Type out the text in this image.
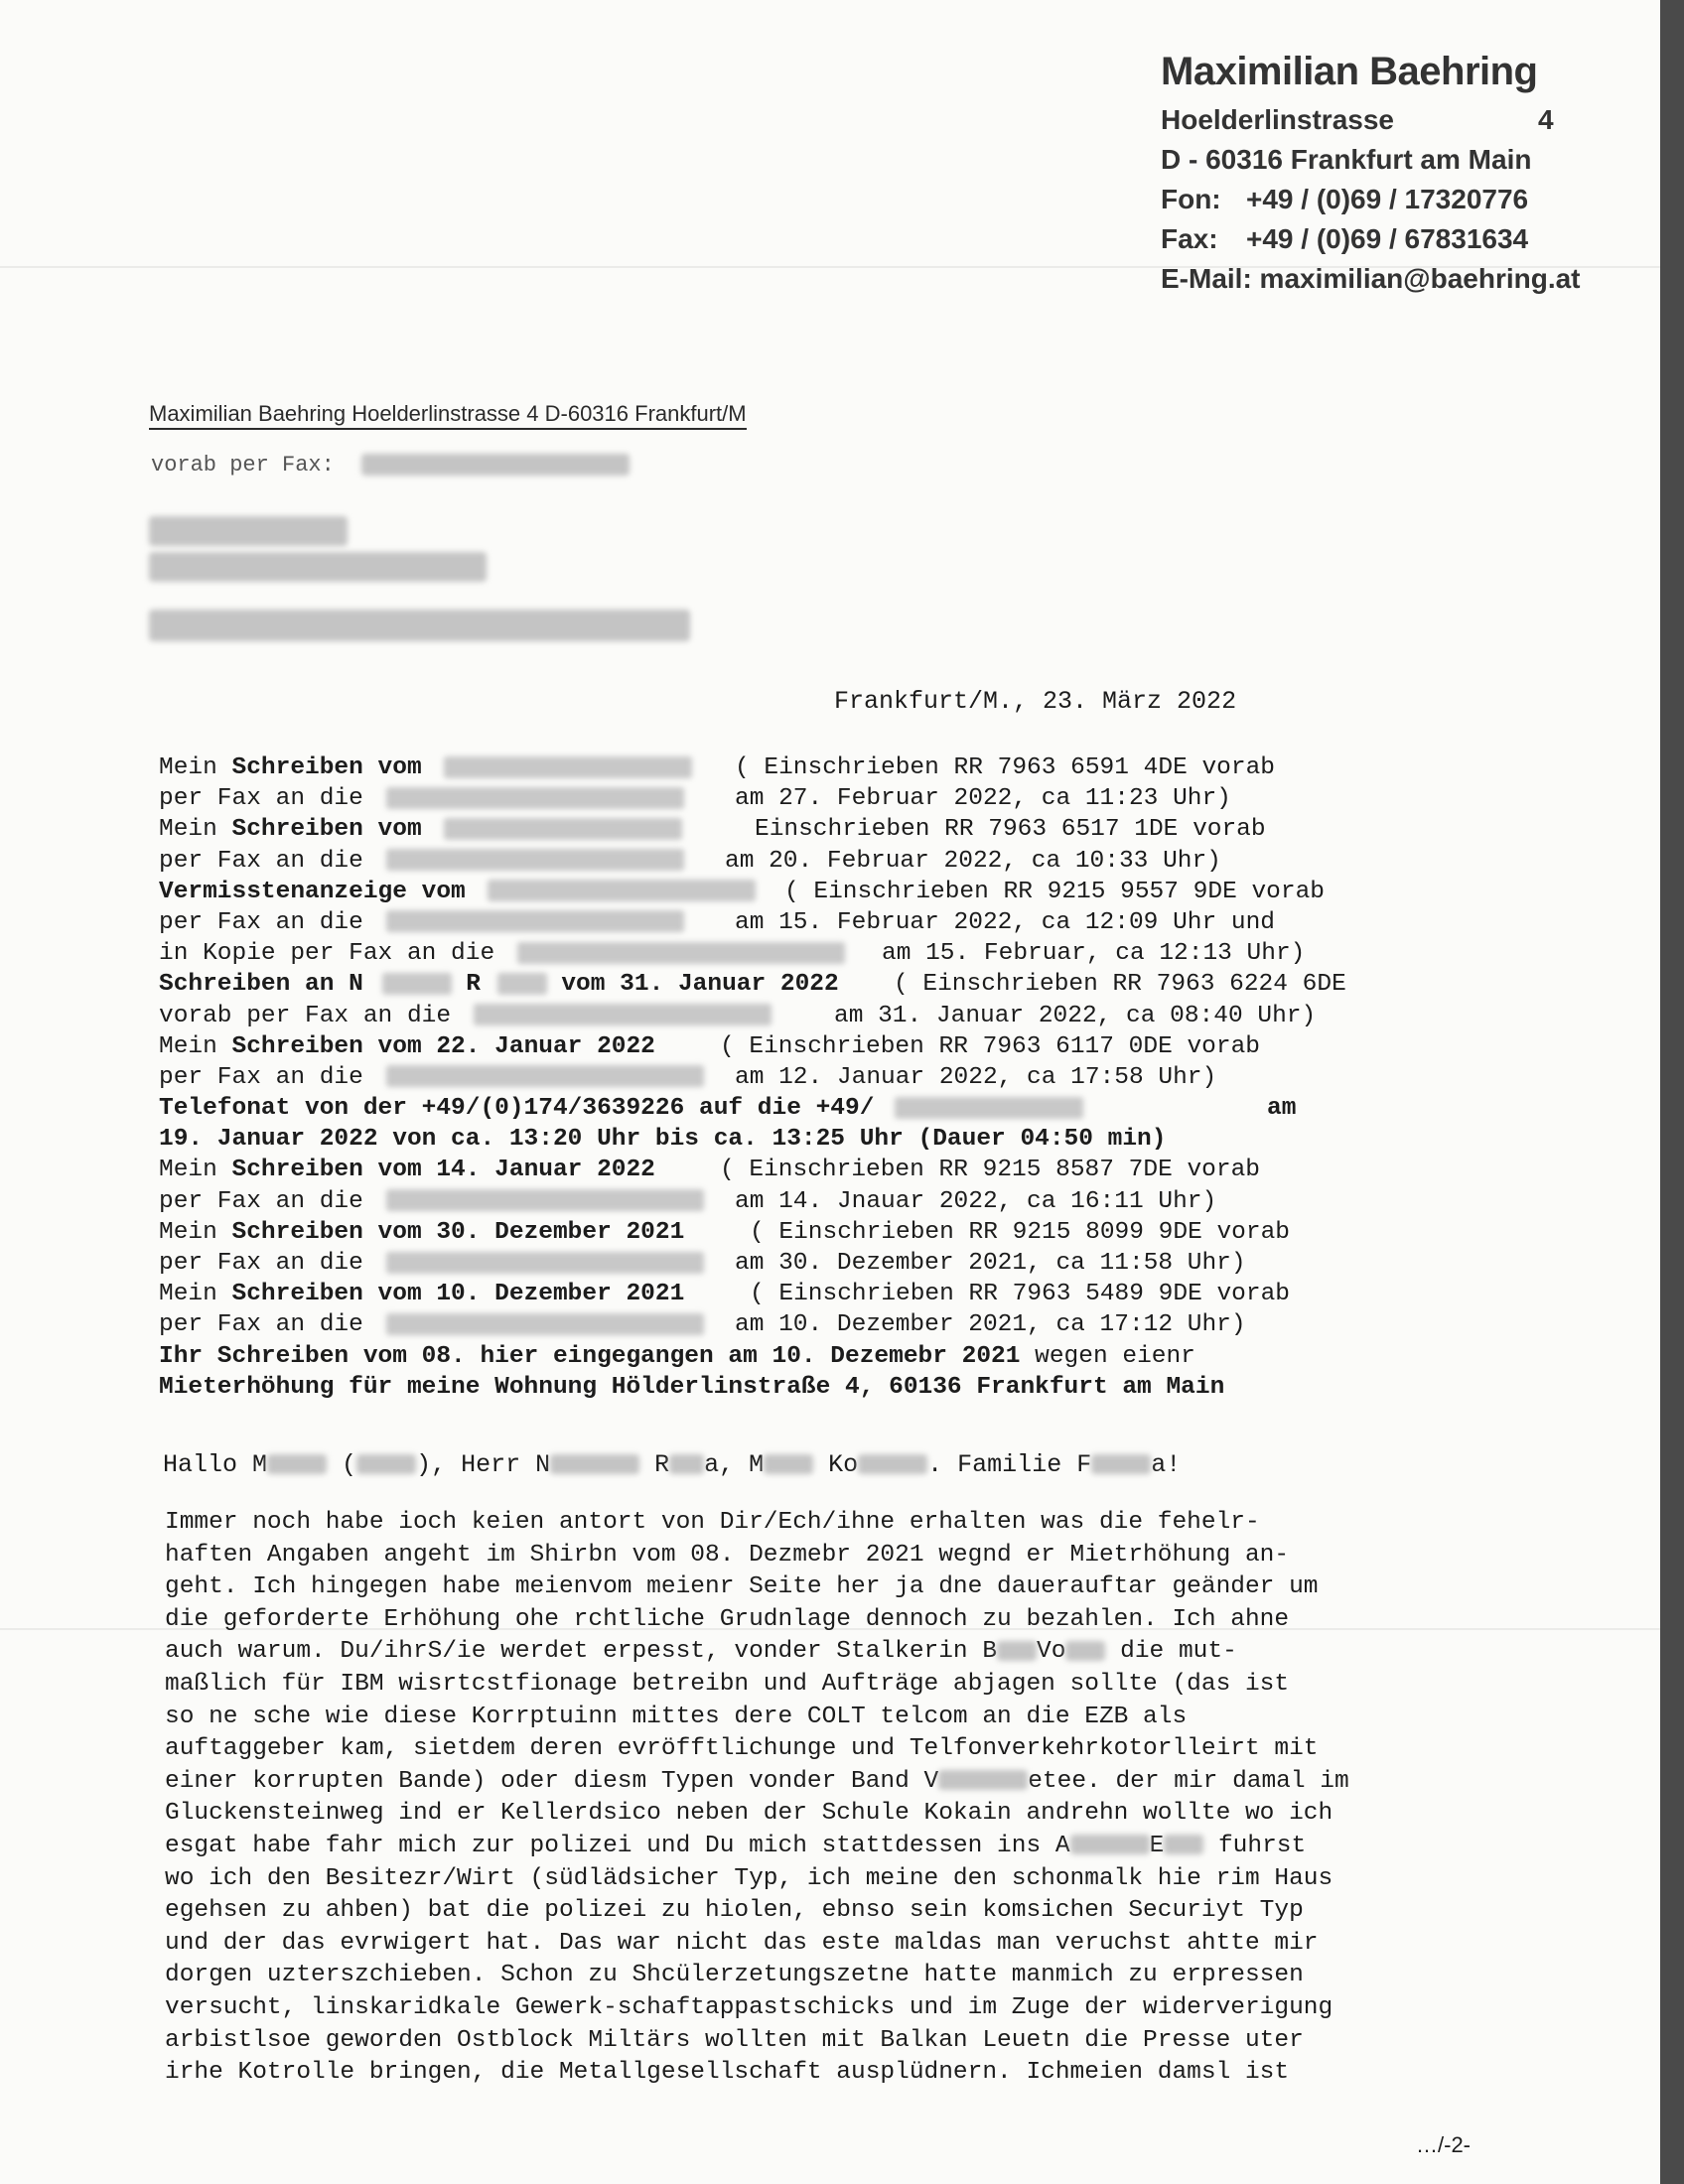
Maximilian Baehring
Hoelderlinstrasse	4
D - 60316 Frankfurt am Main
Fon: +49 / (0)69 / 17320776
Fax: +49 / (0)69 / 67831634
E-Mail: maximilian@baehring.at
Maximilian Baehring Hoelderlinstrasse 4 D-60316 Frankfurt/M
vorab per Fax:
Frankfurt/M., 23. März 2022
Mein Schreiben vom	( Einschrieben RR 7963 6591 4DE vorab
per Fax an die	am 27. Februar 2022, ca 11:23 Uhr)
Mein Schreiben vom	Einschrieben RR 7963 6517 1DE vorab
per Fax an die	am 20. Februar 2022, ca 10:33 Uhr)
Vermisstenanzeige vom	( Einschrieben RR 9215 9557 9DE vorab
per Fax an die	am 15. Februar 2022, ca 12:09 Uhr und
in Kopie per Fax an die	am 15. Februar, ca 12:13 Uhr)
Schreiben an N	R	vom 31. Januar 2022 ( Einschrieben RR 7963 6224 6DE
vorab per Fax an die	am 31. Januar 2022, ca 08:40 Uhr)
Mein Schreiben vom 22. Januar 2022	( Einschrieben RR 7963 6117 0DE vorab
per Fax an die	am 12. Januar 2022, ca 17:58 Uhr)
Telefonat von der +49/(0)174/3639226 auf die +49/	am
19. Januar 2022 von ca. 13:20 Uhr bis ca. 13:25 Uhr (Dauer 04:50 min)
Mein Schreiben vom 14. Januar 2022	( Einschrieben RR 9215 8587 7DE vorab
per Fax an die	am 14. Jnauar 2022, ca 16:11 Uhr)
Mein Schreiben vom 30. Dezember 2021	( Einschrieben RR 9215 8099 9DE vorab
per Fax an die	am 30. Dezember 2021, ca 11:58 Uhr)
Mein Schreiben vom 10. Dezember 2021	( Einschrieben RR 7963 5489 9DE vorab
per Fax an die	am 10. Dezember 2021, ca 17:12 Uhr)
Ihr Schreiben vom 08. hier eingegangen am 10. Dezemebr 2021 wegen eienr
Mieterhöhung für meine Wohnung Hölderlinstraße 4, 60136 Frankfurt am Main
Hallo M	( ), Herr N	R a, M	Ko	. Familie F a!
Immer noch habe ioch keien antort von Dir/Ech/ihne erhalten was die fehelr-
haften Angaben angeht im Shirbn vom 08. Dezmebr 2021 wegnd er Mietrhöhung an-
geht. Ich hingegen habe meienvom meienr Seite her ja dne dauerauftar geänder um
die geforderte Erhöhung ohe rchtliche Grudnlage dennoch zu bezahlen. Ich ahne
auch warum. Du/ihrS/ie werdet erpesst, vonder Stalkerin B Vo die mut-
maßlich für IBM wisrtcstfionage betreibn und Aufträge abjagen sollte (das ist
so ne sche wie diese Korrptuinn mittes dere COLT telcom an die EZB als
auftaggeber kam, sietdem deren evröfftlichunge und Telfonverkehrkotorlleirt mit
einer korrupten Bande) oder diesm Typen vonder Band V	etee. der mir damal im
Gluckensteinweg ind er Kellerdsico neben der Schule Kokain andrehn wollte wo ich
esgat habe fahr mich zur polizei und Du mich stattdessen ins A	E fuhrst
wo ich den Besitezr/Wirt (südlädsicher Typ, ich meine den schonmalk hie rim Haus
egehsen zu ahben) bat die polizei zu hiolen, ebnso sein komsichen Securiyt Typ
und der das evrwigert hat. Das war nicht das este maldas man veruchst ahtte mir
dorgen uzterszchieben. Schon zu Shcülerzetungszetne hatte manmich zu erpressen
versucht, linskaridkale Gewerk-schaftappastschicks und im Zuge der widerverigung
arbistlsoe geworden Ostblock Miltärs wollten mit Balkan Leuetn die Presse uter
irhe Kotrolle bringen, die Metallgesellschaft ausplüdnern. Ichmeien damsl ist
…/-2-
